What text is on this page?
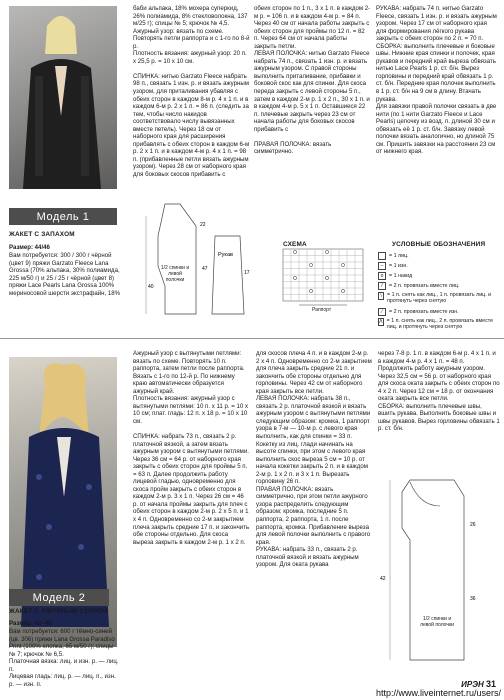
Модель 1
ЖАКЕТ С ЗАПАХОМ
Размер: 44/46
Вам потребуется: 300 / 300 г чёрной (цвет 9) пряжи Garzato Fleece Lana Grossa (70% альпака, 30% полиамида, 225 м/50 г) и 25 / 25 г чёрной (цвет 8) пряжи Lace Pearls Lana Grossa 100% мериносовой шерсти экстрафайн, 18%
баби альпака, 18% мохера суперкид, 26% полиамида, 8% стекловолокна, 137 м/25 г); спицы № 5; крючок № 4,5.
Ажурный узор: вязать по схеме. Повторять петли раппорта и с 1-го по 8-й р.
Плотность вязания: ажурный узор: 20 п. х 25,5 р. = 10 х 10 см.

СПИНКА: нитью Garzato Fleece набрать 98 п., связать 1 изн. р. и вязать ажурным узором, для приталивания убавляя с обеих сторон в каждом 8-м р. 4 х 1 п. и в каждом 6-м р. 2 х 1 п. = 86 п. (следить за тем, чтобы число накидов соответствовало числу вывязанных вместе петель). Через 18 см от наборного края для расширения прибавлять с обеих сторон в каждом 6-м р. 2 х 1 п. и в каждом 4-м р. 4 х 1 п. = 98 п. (прибавленные петли вязать ажурным узором). Через 28 см от наборного края для боковых скосов прибавить с
обеих сторон по 1 п., 3 х 1 п. в каждом 2-м р. = 106 п. и в каждом 4-м р. = 84 п. Через 40 см от начала работы закрыть с обеих сторон для проймы по 12 п. = 82 п. Через 64 см от начала работы закрыть петли.
ЛЕВАЯ ПОЛОЧКА: нитью Garzato Fleece набрать 74 п., связать 1 изн. р. и вязать ажурным узором. С правой стороны выполнить приталивание, прибавки и боковой скос как для спинки. Для скоса переда закрыть с левой стороны 5 п., затем в каждом 2-м р. 1 х 2 п., 30 х 1 п. и в каждом 4-м р. 5 х 1 п. Оставшиеся 22 п. плечевые закрыть через 23 см от начала работы для боковых скосов прибавить с

ПРАВАЯ ПОЛОЧКА: вязать симметрично.
РУКАВА: набрать 74 п. нитью Garzato Fleece, связать 1 изн. р. и вязать ажурным узором. Через 17 см от наборного края для формирования лёгкого рукава закрыть с обеих сторон по 2 п. = 70 п.
СБОРКА: выполнить плечевые и боковые швы. Нижние края спинки и полочек, края рукавов и передний край выреза обвязать нитью Lace Pearls 1 р. ст. б/н. Вырез горловины и передний край обвязать 1 р. ст. б/н. Передние края полочек выполнить в 1 р. ст. б/н на 9 см в длину. Втачать рукава.
Для завязки правой полочки связать в две нити (по 1 нити Garzato Fleece и Lace Pearls) цепочку из возд. п. длиной 30 см и обвязать её 1 р. ст. б/н. Завязку левой полочки вязать аналогично, но длиной 75 см. Пришить завязки на расстоянии 23 см от нижнего края.
Рукав
17
22
47
40
1/2 спинки и левой полочки
СХЕМА
Раппорт
УСЛОВНЫЕ ОБОЗНАЧЕНИЯ
= 1 лиц.
–	= 1 изн.
o	= 1 накид
/	= 2 п. провязать вместе лиц.
\	= 1 п. снять как лиц., 1 п. провязать лиц. и протянуть через снятую
⁄	= 2 п. провязать вместе изн.
Λ = 1 п. снять как лиц., 2 п. провязать вместе лиц. и протянуть через снятую
Модель 2
ЖАКЕТ С АЖУРНЫМ УЗОРОМ
Размер: 42–46
Вам потребуется: 600 г тёмно-синей (цв. 306) пряжи Lana Grossa Paradiso Print (100% хлопка, 65 м/50 г); спицы № 7; крючок № 6,5.
Платочная вязка: лиц. и изн. р. — лиц. п.
Лицевая гладь: лиц. р. — лиц. п., изн. р. — изн. п.
Ажурный узор с вытянутыми петлями: вязать по схеме. Повторять 10 п. раппорта, затем петли после раппорта. Вязать с 1-го по 12-й р. По нижнему краю автоматически образуется ажурный край.
Плотность вязания: ажурный узор с вытянутыми петлями: 10 п. х 11 р. = 10 х 10 см; плат. гладь: 12 п. х 18 р. = 10 х 10 см.

СПИНКА: набрать 73 п., связать 2 р. платочной вязкой, а затем вязать ажурным узором с вытянутыми петлями. Через 36 см = 64 р. от наборного края закрыть с обеих сторон для проймы 5 п. = 63 п. Далее продолжить работу лицевой гладью, одновременно для скоса пройм закрыть с обеих сторон в каждом 2-м р. 3 х 1 п. Через 26 см = 46 р. от начала проймы закрыть для плеч с обеих сторон в каждом 2-м р. 2 х 5 п. и 1 х 4 п. Одновременно со 2-м закрытием плеча закрыть средние 17 п. и закончить обе стороны отдельно. Для скоса выреза закрыть в каждом 2-м р. 1 х 2 п.
для скосов плеча 4 п. и в каждом 2-м р. 2 х 4 п. Одновременно со 2-м закрытием для плеча закрыть средние 21 п. и закончить обе стороны отдельно для горловины. Через 42 см от наборного края закрыть все петли.
ЛЕВАЯ ПОЛОЧКА: набрать 38 п., связать 2 р. платочной вязкой и вязать ажурным узором с вытянутыми петлями следующим образом: кромка, 1 раппорт узора в 7-м — 10-м р. с левого края выполнить, как для спинки = 33 п. Кокетку из лиц. глади начинать на высоте спинки, при этом с левого края выполнить скос выреза 5 см = 10 р. от начала кокетки закрыть 2 п. и в каждом 2-м р. 1 х 2 п. и 3 х 1 п. Вырезать горловину 26 п.
ПРАВАЯ ПОЛОЧКА: вязать симметрично, при этом петли ажурного узора распределить следующим образом: кромка, последние 5 п. раппорта, 2 раппорта, 1 п. после раппорта, кромка. Прибавление выреза для левой полочки выполнить с правого края.
РУКАВА: набрать 33 п., связать 2 р. платочной вязкой и вязать ажурным узором. Для оката рукава
через 7-8 р. 1 п. в каждом 6-м р. 4 х 1 п. и в каждом 4-м р. 4 х 1 п. = 48 п. Продолжить работу ажурным узором. Через 32,5 см = 56 р. от наборного края для скоса оката закрыть с обеих сторон по 4 х 2 п. Через 12 см = 18 р. от окончания оката закрыть все петли.
СБОРКА: выполнить плечевые швы, вшить рукава. Выполнить боковые швы и швы рукавов. Вырез горловины обвязать 1 р. ст. б/н.
26
42
36
1/2 спинки и левой полочки
ИРЭН 31
http://www.liveinternet.ru/users/
